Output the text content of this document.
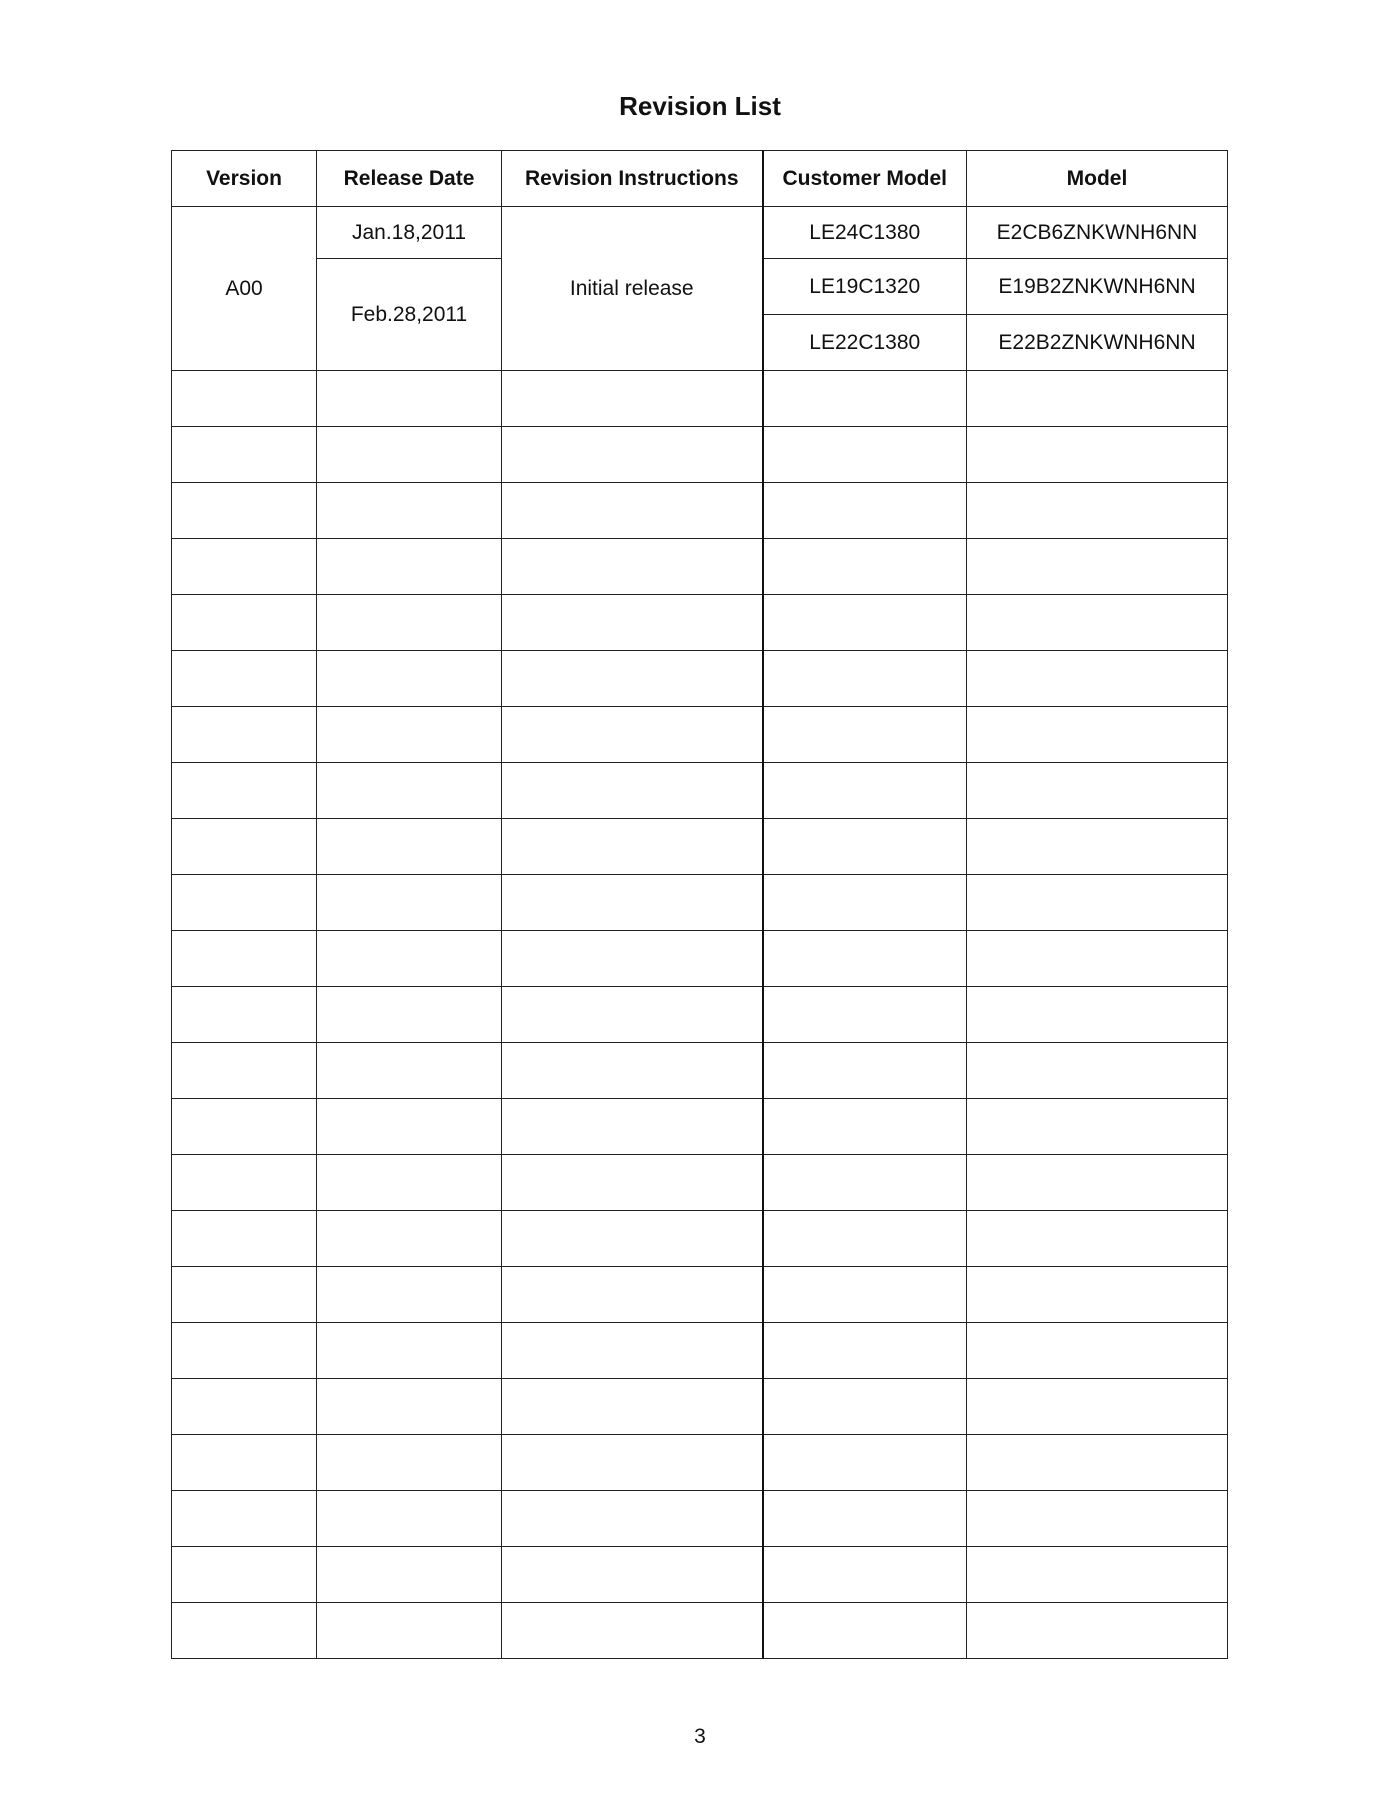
Revision List
Version	Release Date	Revision Instructions	Customer Model	Model
A00	Jan.18,2011	Initial release	LE24C1380	E2CB6ZNKWNH6NN
	Feb.28,2011		LE19C1320	E19B2ZNKWNH6NN
			LE22C1380	E22B2ZNKWNH6NN

3
